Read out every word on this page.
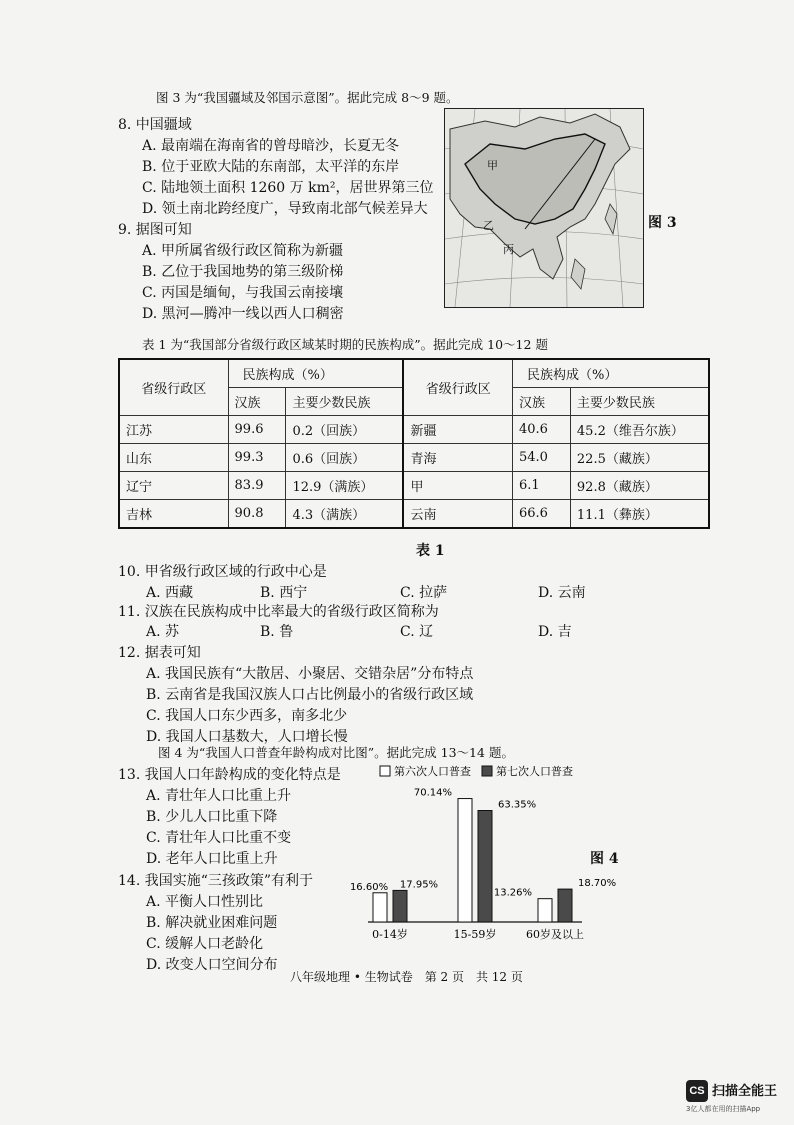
图 3 为“我国疆域及邻国示意图”。据此完成 8～9 题。
8. 中国疆域
A. 最南端在海南省的曾母暗沙，长夏无冬
B. 位于亚欧大陆的东南部，太平洋的东岸
C. 陆地领土面积 1260 万 km²，居世界第三位
D. 领土南北跨经度广，导致南北部气候差异大
9. 据图可知
A. 甲所属省级行政区简称为新疆
B. 乙位于我国地势的第三级阶梯
C. 丙国是缅甸，与我国云南接壤
D. 黑河—腾冲一线以西人口稠密
甲
乙
丙
图 3
表 1 为“我国部分省级行政区域某时期的民族构成”。据此完成 10～12 题
省级行政区	民族构成（%）		省级行政区	民族构成（%）	
	汉族	主要少数民族		汉族	主要少数民族
江苏	99.6	0.2（回族）	新疆	40.6	45.2（维吾尔族）
山东	99.3	0.6（回族）	青海	54.0	22.5（藏族）
辽宁	83.9	12.9（满族）	甲	6.1	92.8（藏族）
吉林	90.8	4.3（满族）	云南	66.6	11.1（彝族）
表 1
10. 甲省级行政区域的行政中心是
A. 西藏	B. 西宁	C. 拉萨	D. 云南
11. 汉族在民族构成中比率最大的省级行政区简称为
A. 苏	B. 鲁	C. 辽	D. 吉
12. 据表可知
A. 我国民族有“大散居、小聚居、交错杂居”分布特点
B. 云南省是我国汉族人口占比例最小的省级行政区域
C. 我国人口东少西多，南多北少
D. 我国人口基数大，人口增长慢
图 4 为“我国人口普查年龄构成对比图”。据此完成 13～14 题。
13. 我国人口年龄构成的变化特点是
A. 青壮年人口比重上升
B. 少儿人口比重下降
C. 青壮年人口比重不变
D. 老年人口比重上升
14. 我国实施“三孩政策”有利于
A. 平衡人口性别比
B. 解决就业困难问题
C. 缓解人口老龄化
D. 改变人口空间分布
第六次人口普查 第七次人口普查
16.60% 17.95%
0-14岁
70.14%
63.35%
15-59岁
13.26%
18.70%
60岁及以上
图 4
八年级地理 • 生物试卷　第 2 页　共 12 页
CS 扫描全能王
3亿人都在用的扫描App
